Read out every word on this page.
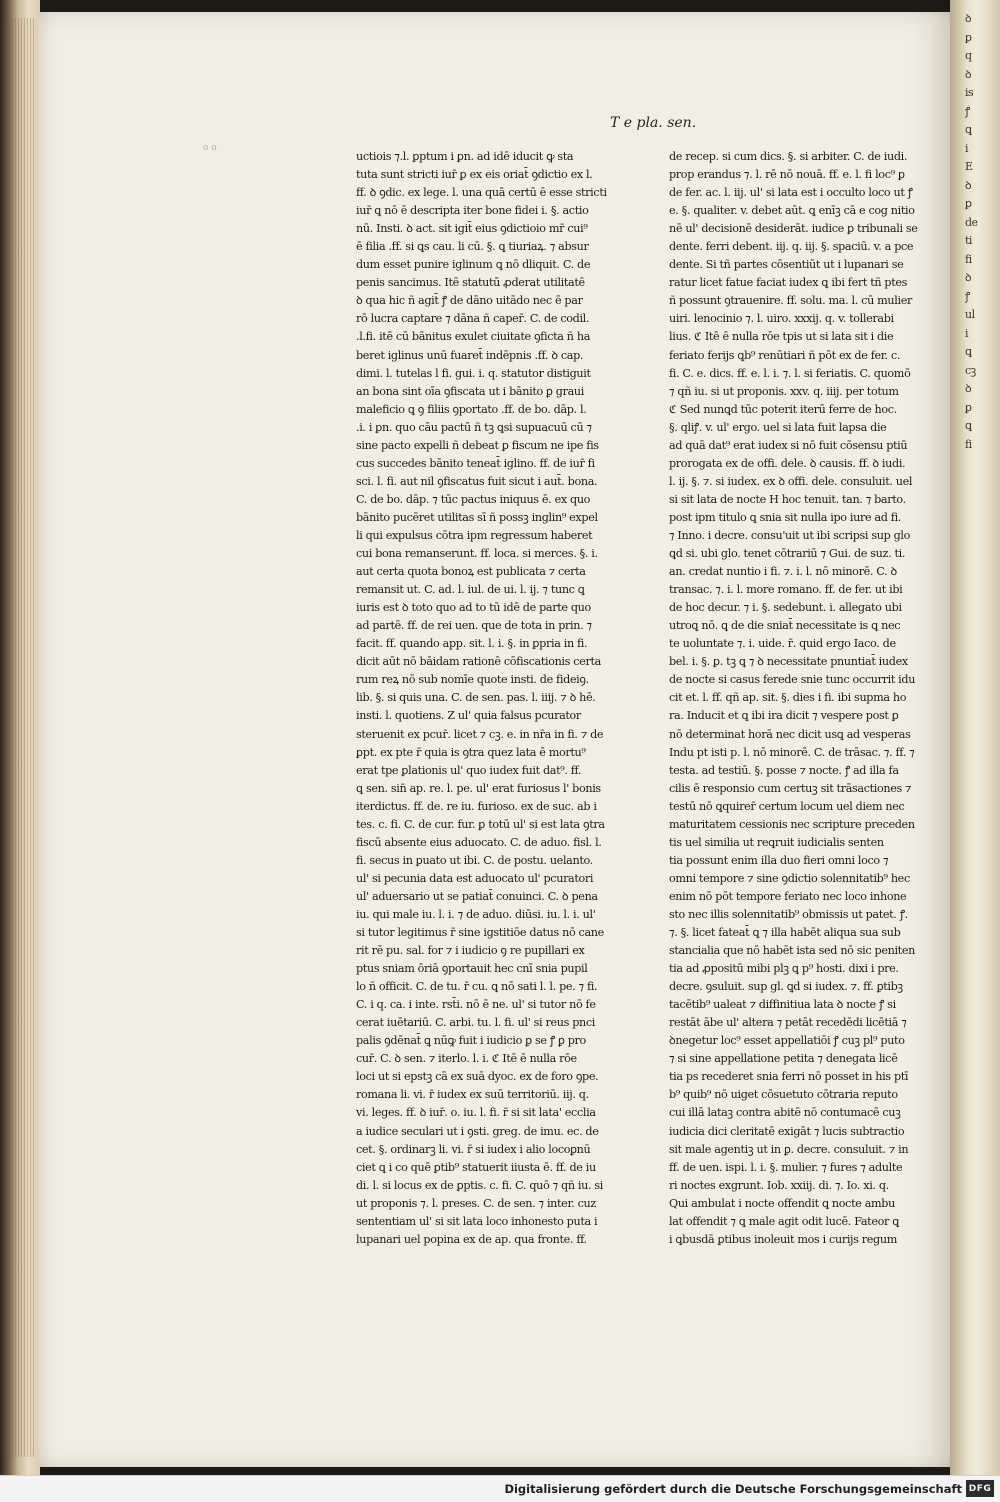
ꝺ
ꝑ
q
ꝺ
is
ꝭ
ꝗ
i
E
ꝺ
ꝑ
de
ti
fi
ꝺ
ꝭ
ul
i
ꝗ
cꝫ
ꝺ
ꝑ
ꝗ
fi
o o
T e pla. sen.

uctiois ⁊.l. ꝑptum i ꝑn. ad idē iducit ꝙ sta

tuta sunt stricti iur̄ ꝑ ex eis oriat̄ ꝯdictio ex l.

ff. ꝺ ꝯdic. ex lege. l. una quā certū ē esse stricti

iur̄ ꝗ nō ē descripta iter bone fidei i. §. actio

nū. Insti. ꝺ act. sit igit̄ eius ꝯdictioio mr̄ cui⁹

ē filia .ff. si ꝗs cau. li cū. §. ꝗ tiuriaꝝ. ⁊ absur

dum esset punire iglinum ꝗ nō dliquit. C. de

penis sancimus. Itē statutū ꝓderat utilitatē

ꝺ qua hic ñ agit̄ ꝭ de dāno uitādo nec ē par

rō lucra captare ⁊ dāna ñ caper̄. C. de codil.

.l.fi. itē cū bānitus exulet ciuitate ꝯficta ñ ha

beret iglinus unū fuaret̄ indēpnis .ff. ꝺ cap.

dimi. l. tutelas l fi. gui. i. q. statutor distiguit

an bona sint oīa ꝯfiscata ut i bānito ꝑ graui

maleficio ꝗ ꝯ filiis ꝯportato .ff. de bo. dāp. l.

.i. i ꝑn. quo cāu pactū ñ tꝫ ꝗsi supuacuū cū ⁊

sine pacto expelli ñ debeat ꝑ fiscum ne ipe fis

cus succedes bānito teneat̄ iglino. ff. de iur̄ fi

sci. l. fi. aut nil ꝯfiscatus fuit sicut i aut̄. bona.

C. de bo. dāp. ⁊ tūc pactus iniquus ē. ex quo

bānito pucēret utilitas sī ñ possꝫ inglin⁹ expel

li qui expulsus cōtra ipm regressum haberet

cui bona remanserunt. ff. loca. si merces. §. i.

aut certa quota bonoꝝ est publicata ⁊ certa

remansit ut. C. ad. l. iul. de ui. l. ij. ⁊ tunc ꝗ

iuris est ꝺ toto quo ad to tū idē de parte quo

ad partē. ff. de rei uen. que de tota in prin. ⁊

facit. ff. quando app. sit. l. i. §. in ꝑpria in fi.

dicit aūt nō bāidam rationē cōfiscationis certa

rum reꝝ nō sub nomīe quote insti. de fideiꝯ.

lib. §. si quis una. C. de sen. pas. l. iiij. ⁊ ꝺ hē.

insti. l. quotiens. Z ul' quia falsus pcurator

steruenit ex pcur̄. licet ⁊ cꝫ. e. in nr̄a in fi. ⁊ de

ꝑpt. ex pte r̄ quia is ꝯtra quez lata ē mortu⁹

erat tpe ꝑlationis ul' quo iudex fuit dat⁹. ff.

ꝗ sen. sin̄ ap. re. l. pe. ul' erat furiosus l' bonis

iterdictus. ff. de. re iu. furioso. ex de suc. ab i

tes. c. fi. C. de cur. fur. ꝑ totū ul' si est lata ꝯtra

fiscū absente eius aduocato. C. de aduo. fisl. l.

fi. secus in ꝑuato ut ibi. C. de postu. uelanto.

ul' si pecunia data est aduocato ul' pcuratori

ul' aduersario ut se patiat̄ conuinci. C. ꝺ pena

iu. qui male iu. l. i. ⁊ de aduo. diūsi. iu. l. i. ul'

si tutor legitimus r̄ sine igstitiōe datus nō cane

rit rē pu. sal. for ⁊ i iudicio ꝯ re pupillari ex

ptus sniam ōriā ꝯportauit hec cnī snia pupil

lo ñ officit. C. de tu. r̄ cu. ꝗ nō sati l. l. pe. ⁊ fi.

C. i q. ca. i inte. rst̄i. nō ē ne. ul' si tutor nō fe

cerat iuētariū. C. arbi. tu. l. fi. ul' si reus pnci

palis ꝯdēnat̄ ꝗ nūꝙ fuit i iudicio ꝑ se ꝭ ꝑ pro

cur̄. C. ꝺ sen. ⁊ iterlo. l. i. ℭ Itē ē nulla rōe

loci ut si epstꝫ cā ex suā dyoc. ex de foro ꝯpe.

romana li. vi. r̄ iudex ex suū territoriū. iij. q.

vi. leges. ff. ꝺ iur̄. o. iu. l. fi. r̄ si sit lata' ecclia

a iudice seculari ut i ꝯsti. greg. de imu. ec. de

cet. §. ordinarꝫ li. vi. r̄ si iudex i alio locoꝑnū

ciet ꝗ i co quē ꝑtib⁹ statuerit iiusta ē. ff. de iu

di. l. si locus ex de ꝑptis. c. fi. C. quō ⁊ qñ iu. si

ut proponis ⁊. l. preses. C. de sen. ⁊ inter. cuz

sententiam ul' si sit lata loco inhonesto puta i

lupanari uel popina ex de ap. qua fronte. ff.

de recep. si cum dics. §. si arbiter. C. de iudi.

prop erandus ⁊. l. rē nō nouā. ff. e. l. fi loc⁹ ꝑ

de fer. ac. l. iij. ul' si lata est i occulto loco ut ꝭ

e. §. qualiter. v. debet aūt. ꝗ enīꝫ cā e cog nitio

nē ul' decisionē desiderāt. iudice ꝑ tribunali se

dente. ferri debent. iij. q. iij. §. spaciū. v. a pce

dente. Si tñ partes cōsentiūt ut i lupanari se

ratur licet fatue faciat iudex ꝗ ibi fert tñ ptes

ñ possunt ꝯtrauenire. ff. solu. ma. l. cū mulier

uiri. lenocinio ⁊. l. uiro. xxxij. q. v. tollerabi

lius. ℭ Itē ē nulla rōe tpis ut si lata sit i die

feriato ferijs ꝗb⁹ renūtiari ñ pōt ex de fer. c.

fi. C. e. dics. ff. e. l. i. ⁊. l. si feriatis. C. quomō

⁊ qñ iu. si ut proponis. xxv. q. iiij. per totum

ℭ Sed nunꝗd tūc poterit iterū ferre de hoc.

§. qliꝭ. v. ul' ergo. uel si lata fuit lapsa die

ad quā dat⁹ erat iudex si nō fuit cōsensu ptiū

prorogata ex de offi. dele. ꝺ causis. ff. ꝺ iudi.

l. ij. §. ⁊. si iudex. ex ꝺ offi. dele. consuluit. uel

si sit lata de nocte H hoc tenuit. tan. ⁊ barto.

post ipm titulo ꝗ snia sit nulla ipo iure ad fi.

⁊ Inno. i decre. consu'uit ut ibi scripsi sup glo

ꝗd si. ubi glo. tenet cōtrariū ⁊ Gui. de suz. ti.

an. credat nuntio i fi. ⁊. i. l. nō minorē. C. ꝺ

transac. ⁊. i. l. more romano. ff. de fer. ut ibi

de hoc decur. ⁊ i. §. sedebunt. i. allegato ubi

utroꝗ nō. ꝗ de die sniat̄ necessitate is ꝗ nec

te uoluntate ⁊. i. uide. r̄. quid ergo Iaco. de

bel. i. §. ꝑ. tꝫ ꝗ ⁊ ꝺ necessitate pnuntiat̄ iudex

de nocte si casus ferede snie tunc occurrit idu

cit et. l. ff. qñ ap. sit. §. dies i fi. ibi supma ho

ra. Inducit et ꝗ ibi ira dicit ⁊ vespere post ꝑ

nō determinat horā nec dicit usꝗ ad vesperas

Indu pt isti p. l. nō minorē. C. de trāsac. ⁊. ff. ⁊

testa. ad testiū. §. posse ⁊ nocte. ꝭ ad illa fa

cilis ē responsio cum certuꝫ sit trāsactiones ⁊

testū nō ꝗquirer̄ certum locum uel diem nec

maturitatem cessionis nec scripture preceden

tis uel similia ut reꝗruit iudicialis senten

tia possunt enim illa duo fieri omni loco ⁊

omni tempore ⁊ sine ꝯdictio solennitatib⁹ hec

enim nō pōt tempore feriato nec loco inhone

sto nec illis solennitatib⁹ obmissis ut patet. ꝭ.

⁊. §. licet fateat̄ ꝗ ⁊ illa habēt aliqua sua sub

stancialia que nō habēt ista sed nō sic peniten

tia ad ꝓpositū mibi plꝫ ꝗ p⁹ hosti. dixi i pre.

decre. ꝯsuluit. sup gl. ꝗd si iudex. ⁊. ff. ꝑtibꝫ

tacētib⁹ ualeat ⁊ diffinitiua lata ꝺ nocte ꝭ si

restāt ābe ul' altera ⁊ petāt recedēdi licētiā ⁊

ꝺnegetur loc⁹ esset appellatiōi ꝭ cuꝫ pl⁹ puto

⁊ si sine appellatione petita ⁊ denegata licē

tia ps recederet snia ferri nō posset in his ptī

b⁹ quib⁹ nō uiget cōsuetuto cōtraria reputo

cui illā lataꝫ contra abitē nō contumacē cuꝫ

iudicia dici cleritatē exigāt ⁊ lucis subtractio

sit male agentiꝫ ut in ꝑ. decre. consuluit. ⁊ in

ff. de uen. ispi. l. i. §. mulier. ⁊ fures ⁊ adulte

ri noctes exgrunt. Iob. xxiij. di. ⁊. Io. xi. q.

Qui ambulat i nocte offendit ꝗ nocte ambu

lat offendit ⁊ ꝗ male agit odit lucē. Fateor ꝗ

i ꝗbusdā ꝑtibus inoleuit mos i curijs regum

Digitalisierung gefördert durch die Deutsche Forschungsgemeinschaft DFG
